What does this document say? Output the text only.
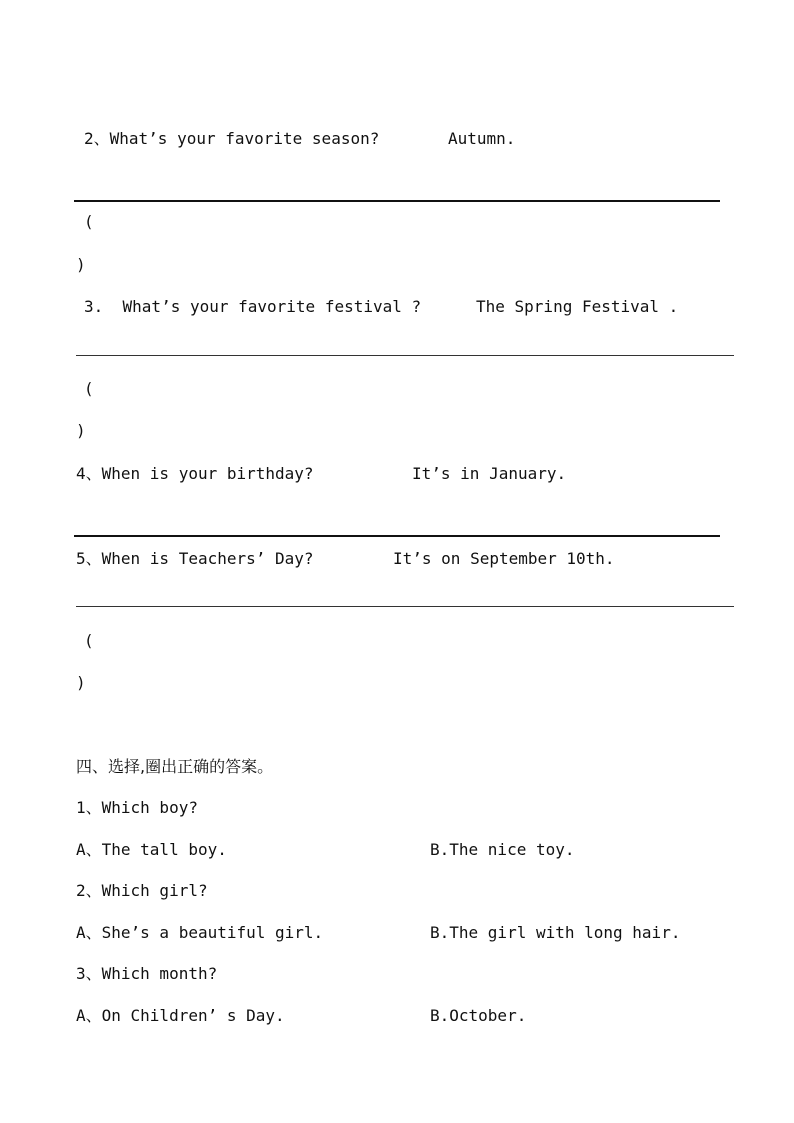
2、What’s your favorite season?	Autumn.
(
)
3.  What’s your favorite festival ?	The Spring Festival .
(
)
4、When is your birthday?	It’s in January.
5、When is Teachers’ Day?	It’s on September 10th.
(
)
四、选择,圈出正确的答案。
1、Which boy?
A、The tall boy.	B.The nice toy.
2、Which girl?
A、She’s a beautiful girl.	B.The girl with long hair.
3、Which month?
A、On Children’ s Day.	B.October.
